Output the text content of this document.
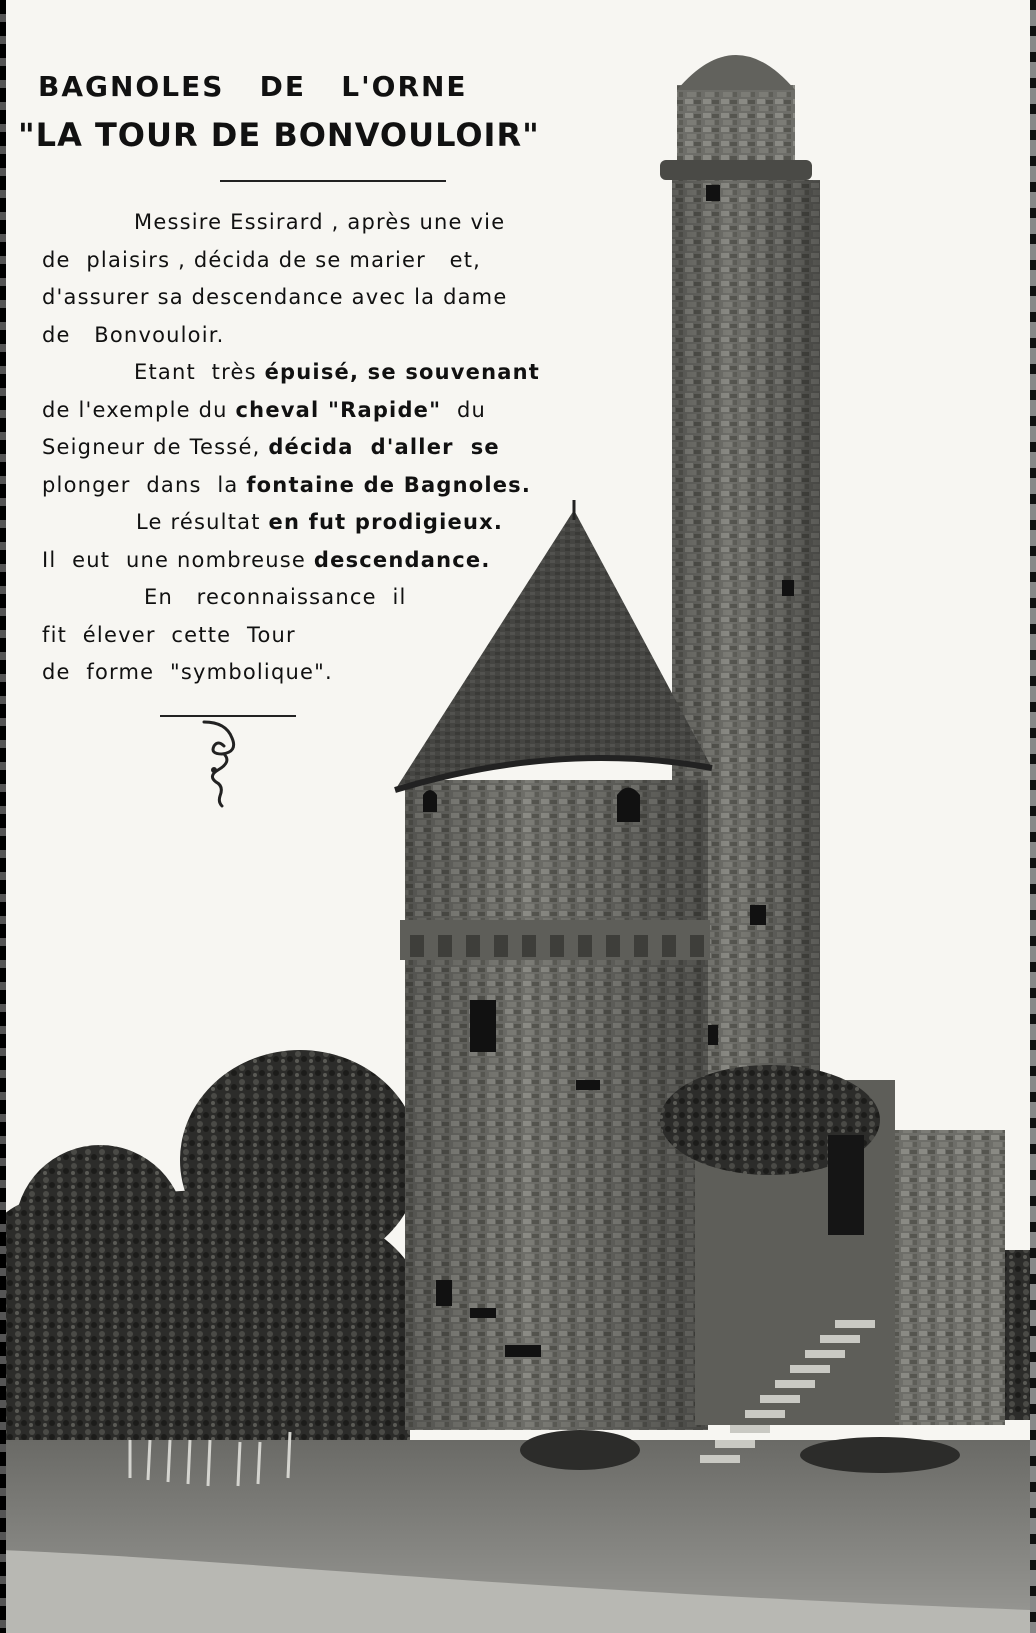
BAGNOLES   DE   L'ORNE
"LA TOUR DE BONVOULOIR"
Messire Essirard , après une vie
de  plaisirs , décida de se marier   et,
d'assurer sa descendance avec la dame
de   Bonvouloir.
Etant  très épuisé, se souvenant
de l'exemple du cheval "Rapide"  du
Seigneur de Tessé, décida  d'aller  se
plonger  dans  la fontaine de Bagnoles.
Le résultat en fut prodigieux.
Il  eut  une nombreuse descendance.
En   reconnaissance  il
fit  élever  cette  Tour
de  forme  "symbolique".
